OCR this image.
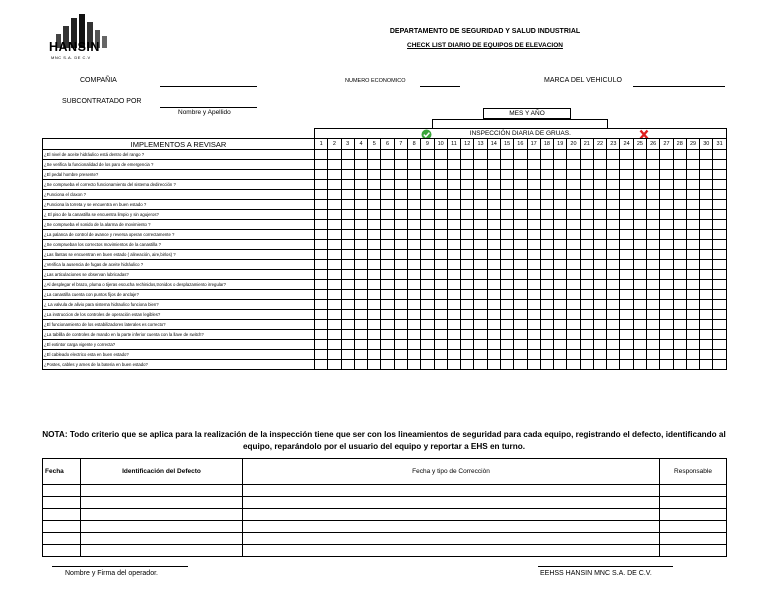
HANSIN
MNC S.A. DE C.V
DEPARTAMENTO DE SEGURIDAD Y SALUD INDUSTRIAL
CHECK LIST DIARIO DE EQUIPOS DE ELEVACION
COMPAÑIA	NUMERO ECONOMICO	MARCA DEL VEHICULO
SUBCONTRATADO POR
Nombre y Apellido	MES Y AÑO

INSPECCIÓN DIARIA DE GRUAS.																														

IMPLEMENTOS A REVISAR	1	2	3	4	5	6	7	8	9	10	11	12	13	14	15	16	17	18	19	20	21	22	23	24	25	26	27	28	29	30	31
¿El nivel de aceite hidráulico está dentro del rango ?																															
¿Se verifica la funcionalidad de los paro de emergencia ?																															
¿El pedal hombre presente?																															
¿Se comprueba el correcto funcionamiento del sistema dedirección ?																															
¿Funciona el claxon ?																															
¿Funciona la torreta y se encuentra en buen estado ?																															
¿ El piso de la canastilla se encuentra limpio y sin agujeros?																															
¿Se comprueba el sonido de la alarma de movimiento ?																															
¿La palanca de control de avance y reversa operan correctamente ?																															
¿Se comprueban los correctos movimientos de la canastilla ?																															
¿Las llantas se encuentran en buen estado ( alineación, aire,birlos) ?																															
¿Verifica la ausencia de fugas de aceite hidráulico ?																															
¿Las articulaciones se observan lubricadas?																															
¿Al desplegar el brazo, pluma o tijeras escucha rechinidos,tronidos o desplazamiento irregular?																															
¿La canastilla cuenta con puntos fijos de anclaje?																															
¿ La valvula de alivio para sistema hidraulico funciona bien?																															
¿La instruccion de los controles de operación estan legibles?																															
¿El funcionamiento de los estabilizadores laterales es correcto?																															
¿La tablilla de controles de mando en la parte inferior cuenta con la llave de switch?																															
¿El extintor carga vigente y correcta?																															
¿El cableado electrico esta en buen estado?																															
¿Postes, cables y arnes de la bateria en buen estado?																															
NOTA: Todo criterio que se aplica para la realización de la inspección tiene que ser con los lineamientos de seguridad para cada equipo, registrando el defecto, identificando al equipo, reparándolo por el usuario del equipo y reportar a EHS en turno.
Fecha	Identificación del Defecto	Fecha y tipo de Correcciòn	Responsable

Nombre y Firma del operador.	EEHSS HANSIN MNC S.A. DE C.V.
